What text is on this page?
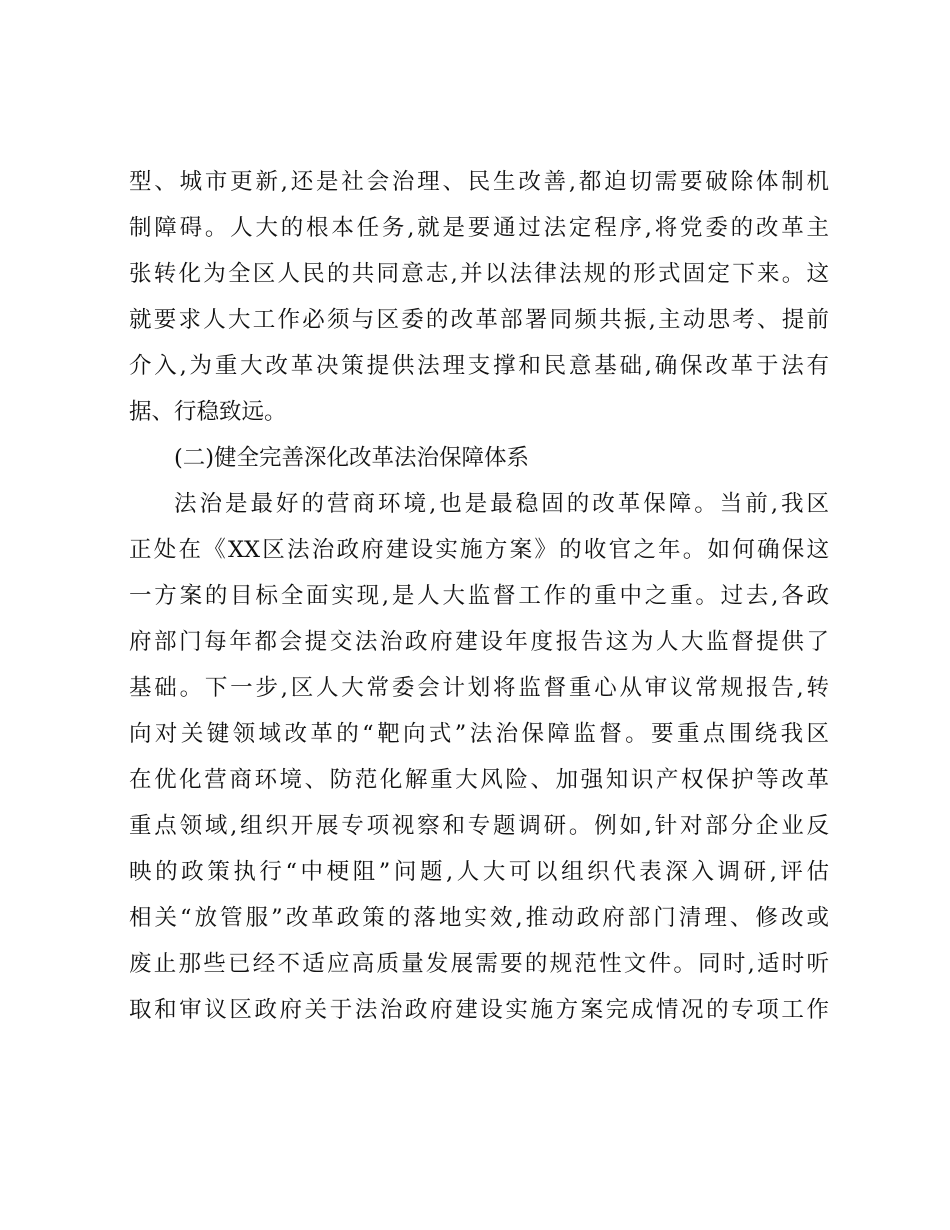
型、城市更新,还是社会治理、民生改善,都迫切需要破除体制机
制障碍。人大的根本任务,就是要通过法定程序,将党委的改革主
张转化为全区人民的共同意志,并以法律法规的形式固定下来。这
就要求人大工作必须与区委的改革部署同频共振,主动思考、提前
介入,为重大改革决策提供法理支撑和民意基础,确保改革于法有
据、行稳致远。
(二)健全完善深化改革法治保障体系
法治是最好的营商环境,也是最稳固的改革保障。当前,我区
正处在《XX区法治政府建设实施方案》的收官之年。如何确保这
一方案的目标全面实现,是人大监督工作的重中之重。过去,各政
府部门每年都会提交法治政府建设年度报告这为人大监督提供了
基础。下一步,区人大常委会计划将监督重心从审议常规报告,转
向对关键领域改革的“靶向式”法治保障监督。要重点围绕我区
在优化营商环境、防范化解重大风险、加强知识产权保护等改革
重点领域,组织开展专项视察和专题调研。例如,针对部分企业反
映的政策执行“中梗阻”问题,人大可以组织代表深入调研,评估
相关“放管服”改革政策的落地实效,推动政府部门清理、修改或
废止那些已经不适应高质量发展需要的规范性文件。同时,适时听
取和审议区政府关于法治政府建设实施方案完成情况的专项工作
